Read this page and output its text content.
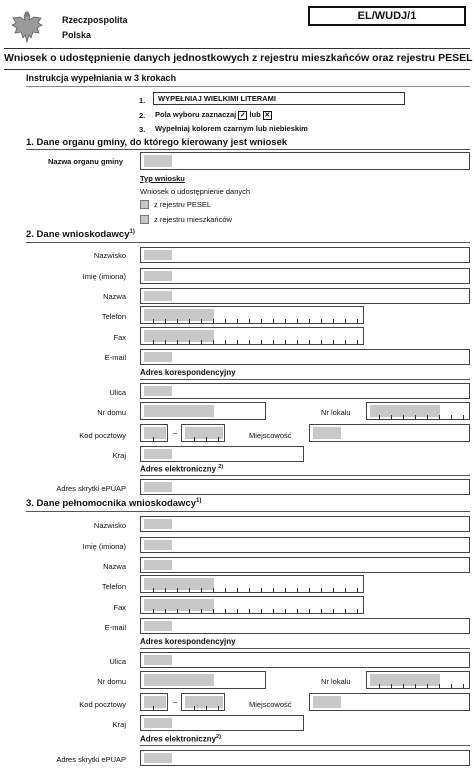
Rzeczpospolita
Polska
EL/WUDJ/1
Wniosek o udostępnienie danych jednostkowych z rejestru mieszkańców oraz rejestru PESEL
Instrukcja wypełniania w 3 krokach
1.	WYPEŁNIAJ WIELKIMI LITERAMI
2. Pola wyboru zaznaczaj ✓ lub ✕
3. Wypełniaj kolorem czarnym lub niebieskim
1. Dane organu gminy, do którego kierowany jest wniosek
Nazwa organu gminy
Typ wniosku
Wniosek o udostępnienie danych
z rejestru PESEL
z rejestru mieszkańców
2. Dane wnioskodawcy$^{1)}$
Nazwisko
Imię (imiona)
Nazwa
Telefon
Fax
E-mail
Adres korespondencyjny
Ulica
Nr domu	Nr lokalu
Kod pocztowy	–	Miejscowość
Kraj
Adres elektroniczny $^{2)}$
Adres skrytki ePUAP
3. Dane pełnomocnika wnioskodawcy$^{1)}$
Nazwisko
Imię (imiona)
Nazwa
Telefon
Fax
E-mail
Adres korespondencyjny
Ulica
Nr domu	Nr lokalu
Kod pocztowy	–	Miejscowość
Kraj
Adres elektroniczny$^{2)}$
Adres skrytki ePUAP
